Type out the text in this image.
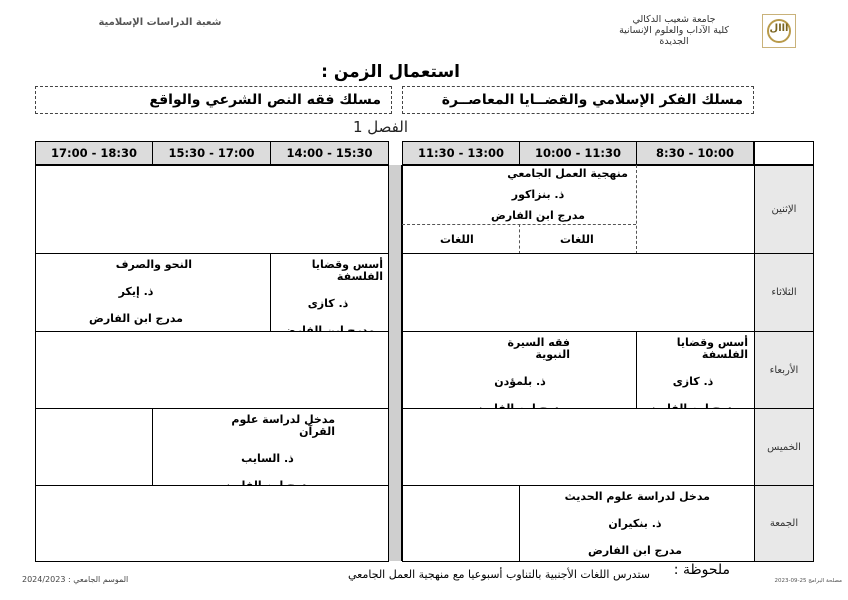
ااال
جامعة شعيب الدكالي
كلية الآداب والعلوم الإنسانية
الجديدة
شعبة الدراسات الإسلامية
استعمال الزمن :
مسلك الفكر الإسلامي والقضــايا المعاصــرة
مسلك فقه النص الشرعي والواقع
الفصل 1
8:30 - 10:00
10:00 - 11:30
11:30 - 13:00
14:00 - 15:30
15:30 - 17:00
17:00 - 18:30
الإثنين
الثلاثاء
الأربعاء
الخميس
الجمعة
منهجية العمل الجامعي
ذ. بنزاكور
مدرج ابن الفارض
اللغات
اللغات
أسس وقضايا الفلسفة
ذ. كازى
النحو والصرف
ذ. إيكر
مدرج ابن الفارض
أسس وقضايا الفلسفة
ذ. كازى
فقه السيرة النبوية
ذ. بلمؤدن
مدخل لدراسة علوم القرآن
ذ. السايب
مدخل لدراسة علوم الحديث
ذ. بنكيران
مدرج ابن الفارض
ملحوظة :
ستدرس اللغات الأجنبية بالتناوب أسبوعيا مع منهجية العمل الجامعي
الموسم الجامعي : 2024/2023	مصلحة البرامج 25-09-2023
